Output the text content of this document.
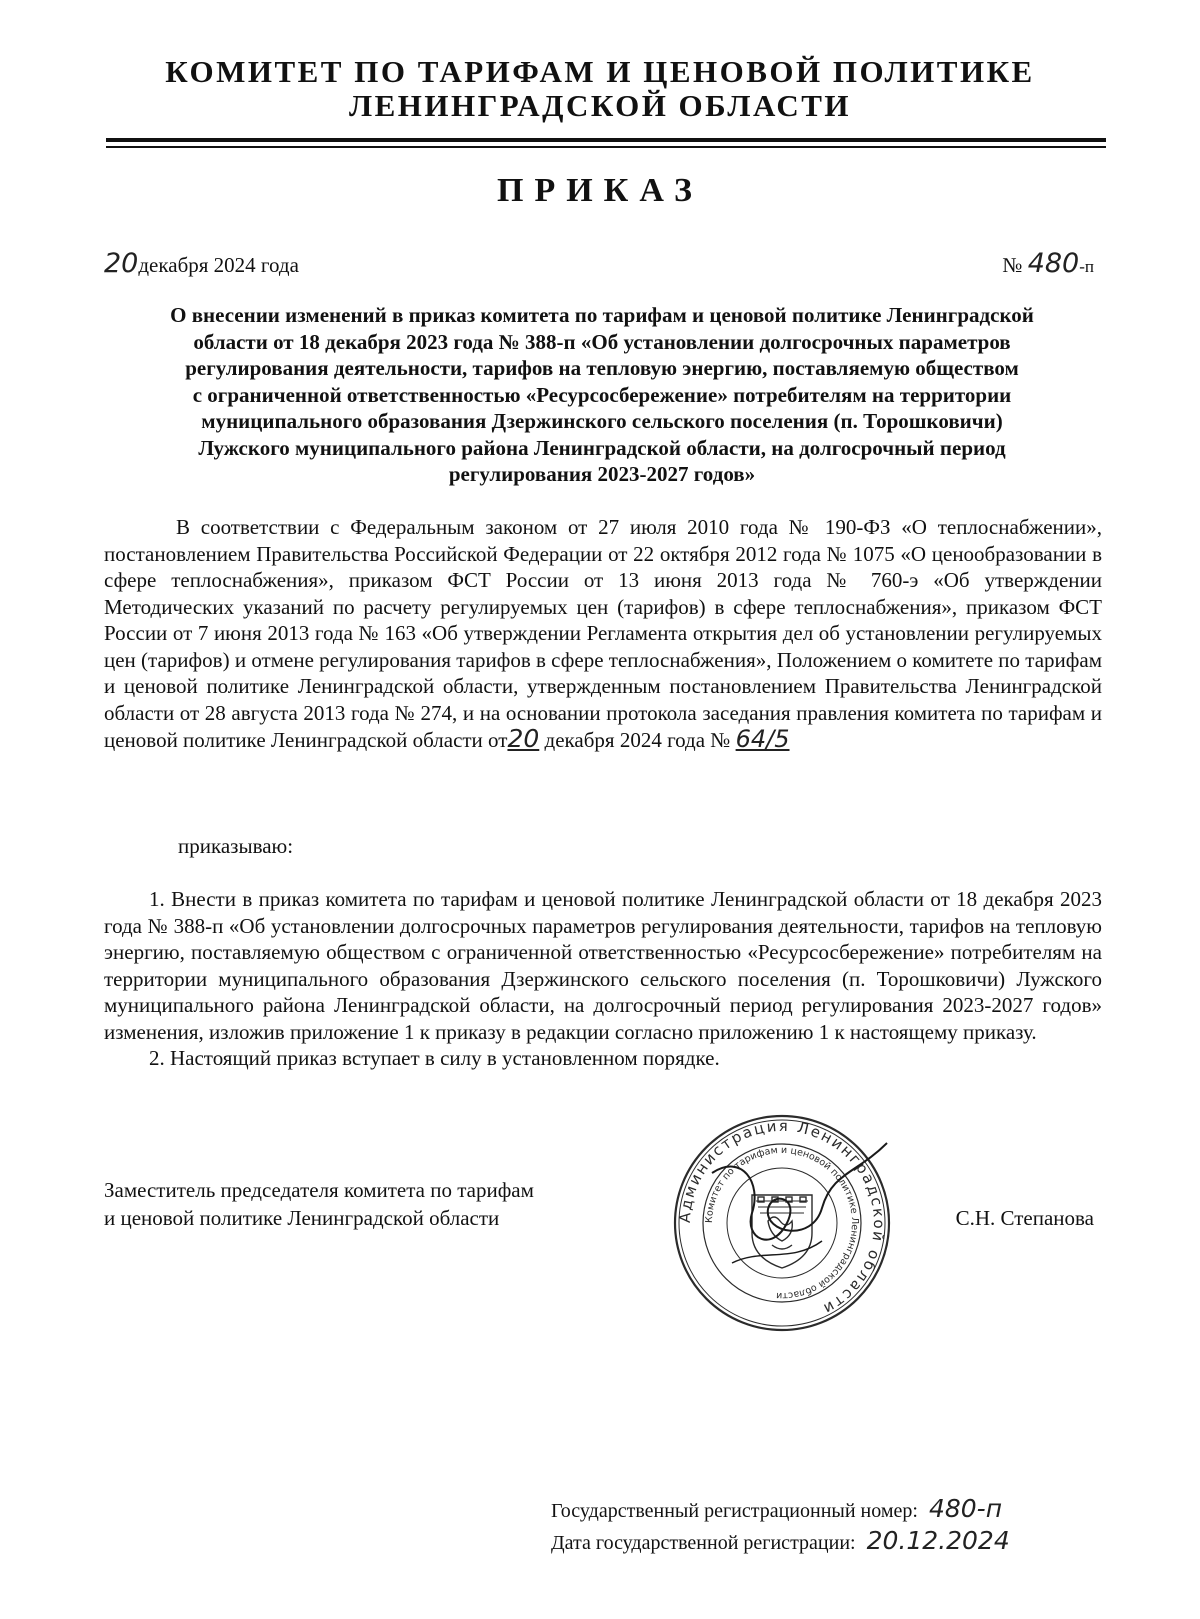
КОМИТЕТ ПО ТАРИФАМ И ЦЕНОВОЙ ПОЛИТИКЕ
ЛЕНИНГРАДСКОЙ ОБЛАСТИ
ПРИКАЗ
20декабря 2024 года	№ 480-п
О внесении изменений в приказ комитета по тарифам и ценовой политике Ленинградской
области от 18 декабря 2023 года № 388-п «Об установлении долгосрочных параметров
регулирования деятельности, тарифов на тепловую энергию, поставляемую обществом
с ограниченной ответственностью «Ресурсосбережение» потребителям на территории
муниципального образования Дзержинского сельского поселения (п. Торошковичи)
Лужского муниципального района Ленинградской области, на долгосрочный период
регулирования 2023-2027 годов»
В соответствии с Федеральным законом от 27 июля 2010 года № 190-ФЗ «О теплоснабжении», постановлением Правительства Российской Федерации от 22 октября 2012 года № 1075 «О ценообразовании в сфере теплоснабжения», приказом ФСТ России от 13 июня 2013 года № 760-э «Об утверждении Методических указаний по расчету регулируемых цен (тарифов) в сфере теплоснабжения», приказом ФСТ России от 7 июня 2013 года № 163 «Об утверждении Регламента открытия дел об установлении регулируемых цен (тарифов) и отмене регулирования тарифов в сфере теплоснабжения», Положением о комитете по тарифам и ценовой политике Ленинградской области, утвержденным постановлением Правительства Ленинградской области от 28 августа 2013 года № 274, и на основании протокола заседания правления комитета по тарифам и ценовой политике Ленинградской области от20 декабря 2024 года № 64/5
приказываю:
1. Внести в приказ комитета по тарифам и ценовой политике Ленинградской области от 18 декабря 2023 года № 388-п «Об установлении долгосрочных параметров регулирования деятельности, тарифов на тепловую энергию, поставляемую обществом с ограниченной ответственностью «Ресурсосбережение» потребителям на территории муниципального образования Дзержинского сельского поселения (п. Торошковичи) Лужского муниципального района Ленинградской области, на долгосрочный период регулирования 2023-2027 годов» изменения, изложив приложение 1 к приказу в редакции согласно приложению 1 к настоящему приказу.
2. Настоящий приказ вступает в силу в установленном порядке.
Заместитель председателя комитета по тарифам
и ценовой политике Ленинградской области	С.Н. Степанова
Администрация Ленинградской области
Комитет по тарифам и ценовой политике Ленинградской области
Государственный регистрационный номер: 480-п
Дата государственной регистрации: 20.12.2024
